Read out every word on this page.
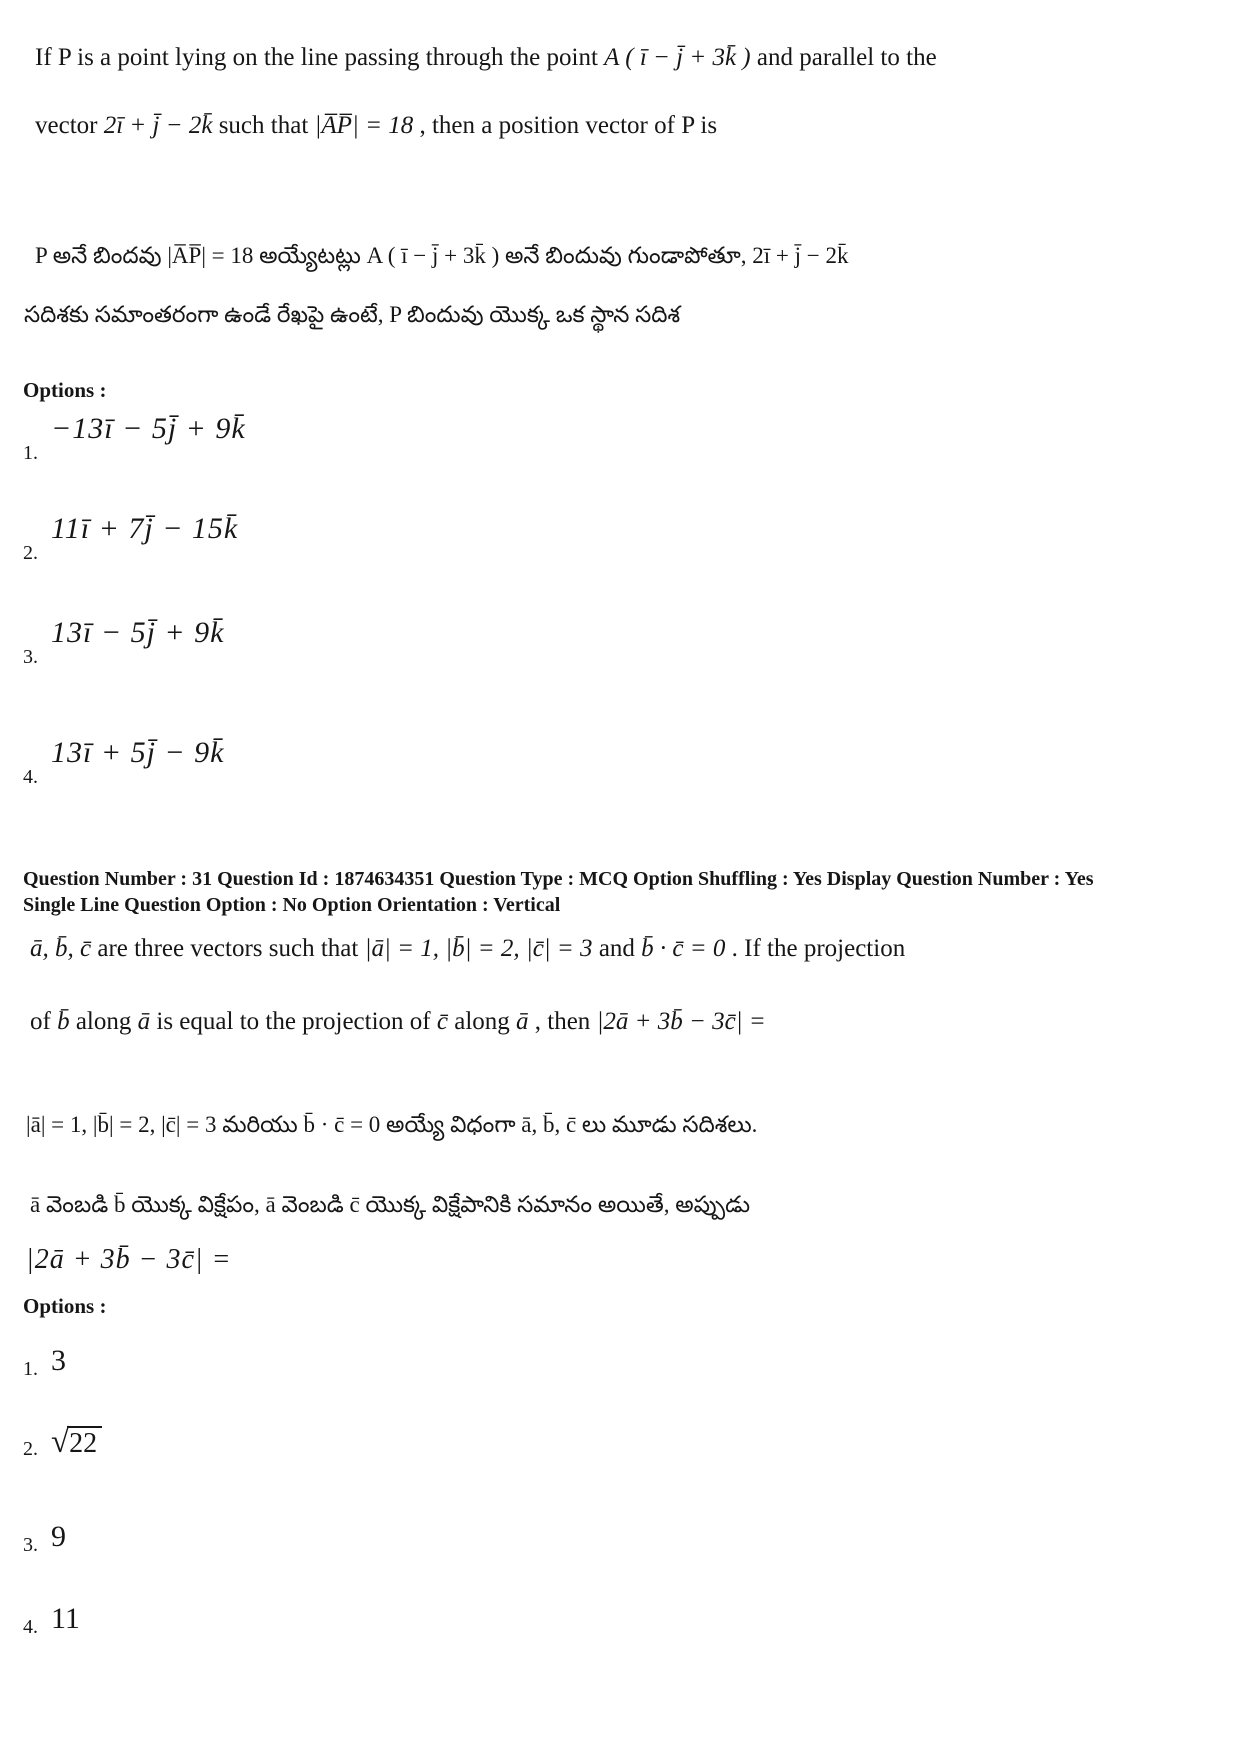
If P is a point lying on the line passing through the point A ( ī − j̄ + 3k̄ ) and parallel to the
vector 2ī + j̄ − 2k̄ such that |A̅P̅| = 18 , then a position vector of P is
P అనే బిందవు |A̅P̅| = 18 అయ్యేటట్లు A ( ī − j̄ + 3k̄ ) అనే బిందువు గుండాపోతూ, 2ī + j̄ − 2k̄
సదిశకు సమాంతరంగా ఉండే రేఖపై ఉంటే, P బిందువు యొక్క ఒక స్థాన సదిశ
Options :
1.
−13ī − 5j̄ + 9k̄
2.
11ī + 7j̄ − 15k̄
3.
13ī − 5j̄ + 9k̄
4.
13ī + 5j̄ − 9k̄
Question Number : 31 Question Id : 1874634351 Question Type : MCQ Option Shuffling : Yes Display Question Number : Yes
Single Line Question Option : No Option Orientation : Vertical
ā, b̄, c̄ are three vectors such that |ā| = 1, |b̄| = 2, |c̄| = 3 and b̄ · c̄ = 0 . If the projection
of b̄ along ā is equal to the projection of c̄ along ā , then |2ā + 3b̄ − 3c̄| =
|ā| = 1, |b̄| = 2, |c̄| = 3 మరియు b̄ · c̄ = 0 అయ్యే విధంగా ā, b̄, c̄ లు మూడు సదిశలు.
ā వెంబడి b̄ యొక్క విక్షేపం, ā వెంబడి c̄ యొక్క విక్షేపానికి సమానం అయితే, అప్పుడు
|2ā + 3b̄ − 3c̄| =
Options :
1. 3
2. √22
3. 9
4. 11
